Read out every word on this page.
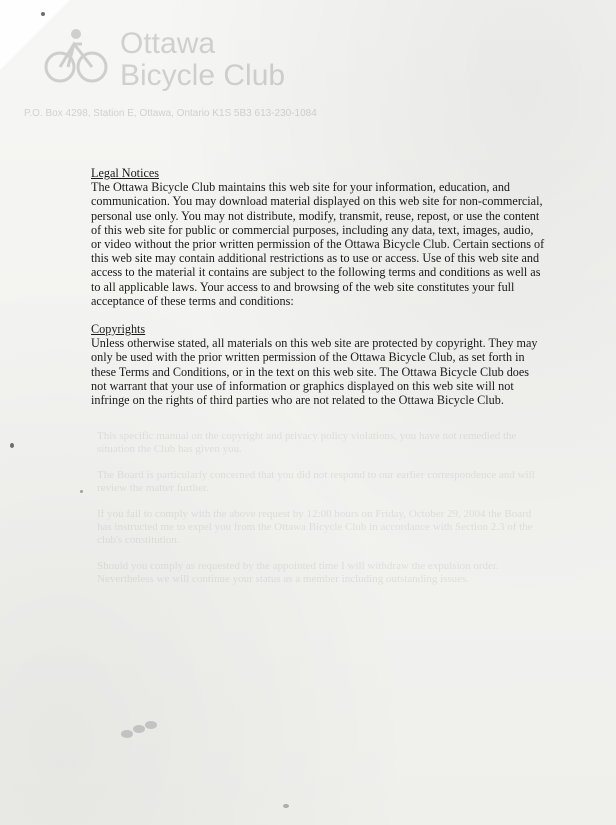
Ottawa
Bicycle Club
P.O. Box 4298, Station E, Ottawa, Ontario K1S 5B3 613-230-1084

Legal Notices

The Ottawa Bicycle Club maintains this web site for your information, education, and communication. You may download material displayed on this web site for non-commercial, personal use only. You may not distribute, modify, transmit, reuse, repost, or use the content of this web site for public or commercial purposes, including any data, text, images, audio, or video without the prior written permission of the Ottawa Bicycle Club. Certain sections of this web site may contain additional restrictions as to use or access. Use of this web site and access to the material it contains are subject to the following terms and conditions as well as to all applicable laws. Your access to and browsing of the web site constitutes your full acceptance of these terms and conditions:

Copyrights

Unless otherwise stated, all materials on this web site are protected by copyright. They may only be used with the prior written permission of the Ottawa Bicycle Club, as set forth in these Terms and Conditions, or in the text on this web site. The Ottawa Bicycle Club does not warrant that your use of information or graphics displayed on this web site will not infringe on the rights of third parties who are not related to the Ottawa Bicycle Club.

This specific manual on the copyright and privacy policy violations, you have not remedied the situation the Club has given you.

The Board is particularly concerned that you did not respond to our earlier correspondence and will review the matter further.

If you fail to comply with the above request by 12:00 hours on Friday, October 29, 2004 the Board has instructed me to expel you from the Ottawa Bicycle Club in accordance with Section 2.3 of the club's constitution.

Should you comply as requested by the appointed time I will withdraw the expulsion order. Nevertheless we will continue your status as a member including outstanding issues.
